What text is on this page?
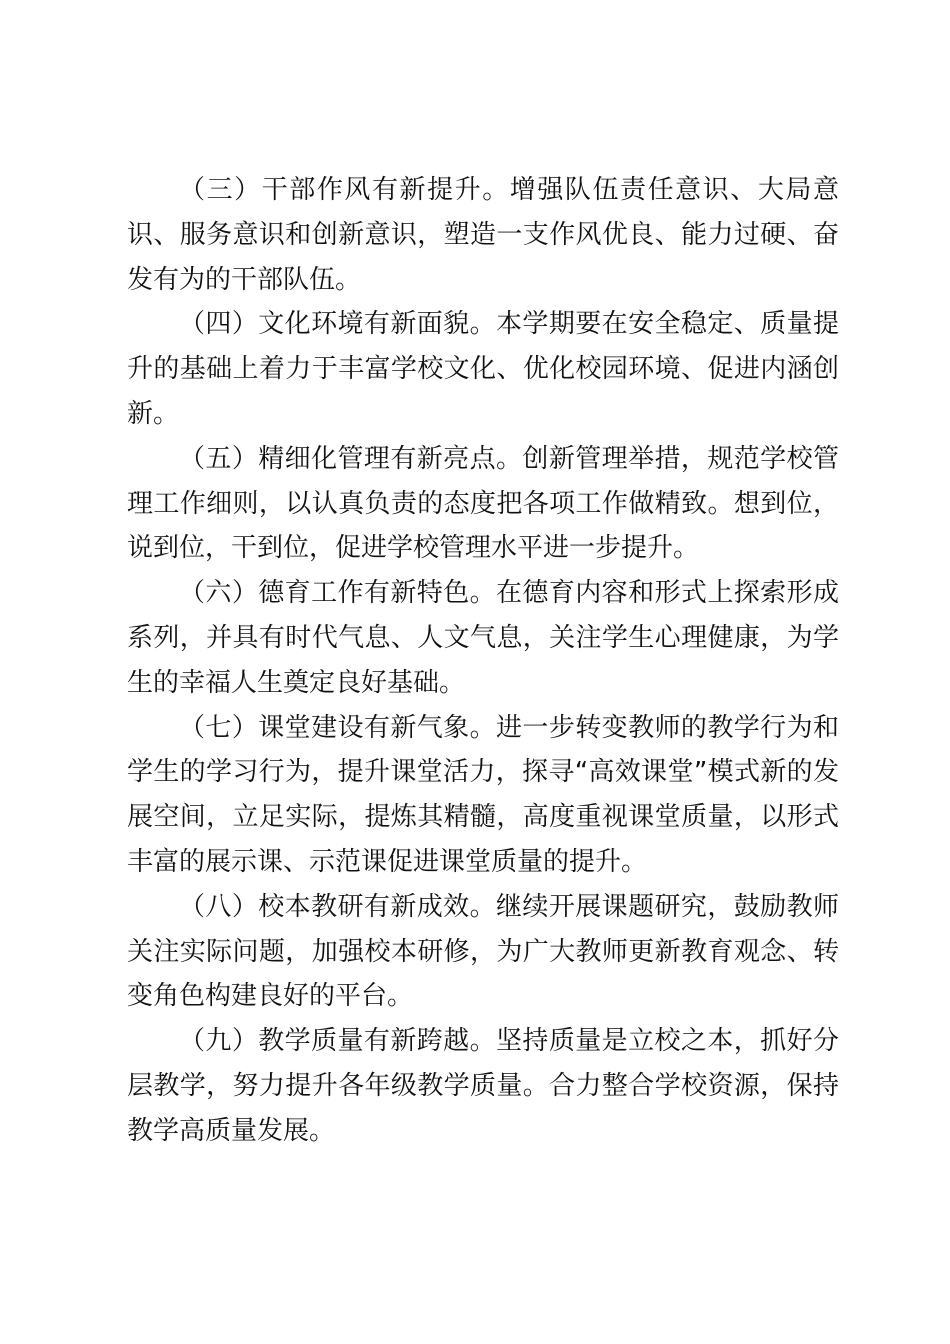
（三）干部作风有新提升。增强队伍责任意识、大局意识、服务意识和创新意识，塑造一支作风优良、能力过硬、奋发有为的干部队伍。

（四）文化环境有新面貌。本学期要在安全稳定、质量提升的基础上着力于丰富学校文化、优化校园环境、促进内涵创新。

（五）精细化管理有新亮点。创新管理举措，规范学校管理工作细则，以认真负责的态度把各项工作做精致。想到位，说到位，干到位，促进学校管理水平进一步提升。

（六）德育工作有新特色。在德育内容和形式上探索形成系列，并具有时代气息、人文气息，关注学生心理健康，为学生的幸福人生奠定良好基础。

（七）课堂建设有新气象。进一步转变教师的教学行为和学生的学习行为，提升课堂活力，探寻“高效课堂”模式新的发展空间，立足实际，提炼其精髓，高度重视课堂质量，以形式丰富的展示课、示范课促进课堂质量的提升。

（八）校本教研有新成效。继续开展课题研究，鼓励教师关注实际问题，加强校本研修，为广大教师更新教育观念、转变角色构建良好的平台。

（九）教学质量有新跨越。坚持质量是立校之本，抓好分层教学，努力提升各年级教学质量。合力整合学校资源，保持教学高质量发展。
